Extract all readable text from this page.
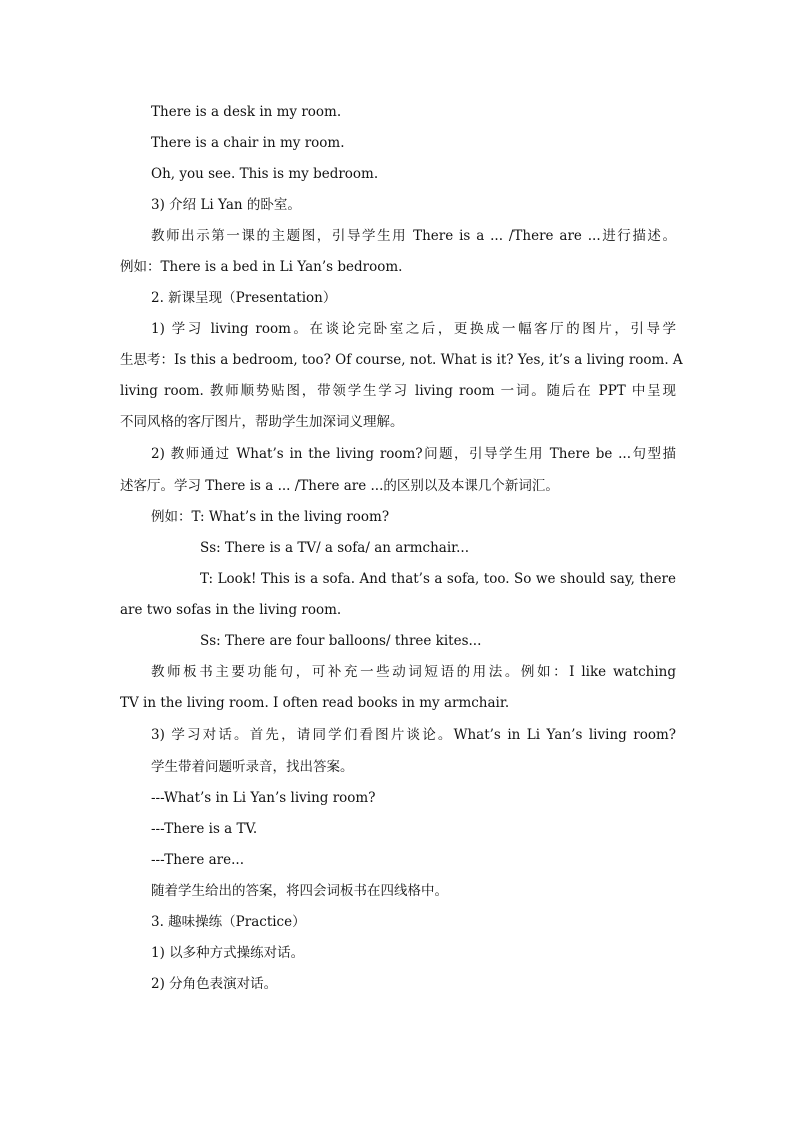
There is a desk in my room.
There is a chair in my room.
Oh, you see. This is my bedroom.
3) 介绍 Li Yan 的卧室。
教师出示第一课的主题图，引导学生用 There is a ... /There are ...进行描述。
例如：There is a bed in Li Yan’s bedroom.
2. 新课呈现（Presentation）
1) 学习 living room。在谈论完卧室之后，更换成一幅客厅的图片，引导学
生思考：Is this a bedroom, too? Of course, not. What is it? Yes, it’s a living room. A
living room. 教师顺势贴图，带领学生学习 living room 一词。随后在 PPT 中呈现
不同风格的客厅图片，帮助学生加深词义理解。
2) 教师通过 What’s in the living room?问题，引导学生用 There be ...句型描
述客厅。学习 There is a ... /There are ...的区别以及本课几个新词汇。
例如：T: What’s in the living room?
Ss: There is a TV/ a sofa/ an armchair...
T: Look! This is a sofa. And that’s a sofa, too. So we should say, there
are two sofas in the living room.
Ss: There are four balloons/ three kites...
教师板书主要功能句，可补充一些动词短语的用法。例如：I like watching
TV in the living room. I often read books in my armchair.
3) 学习对话。首先，请同学们看图片谈论。What’s in Li Yan’s living room?
学生带着问题听录音，找出答案。
---What’s in Li Yan’s living room?
---There is a TV.
---There are...
随着学生给出的答案，将四会词板书在四线格中。
3. 趣味操练（Practice）
1) 以多种方式操练对话。
2) 分角色表演对话。
